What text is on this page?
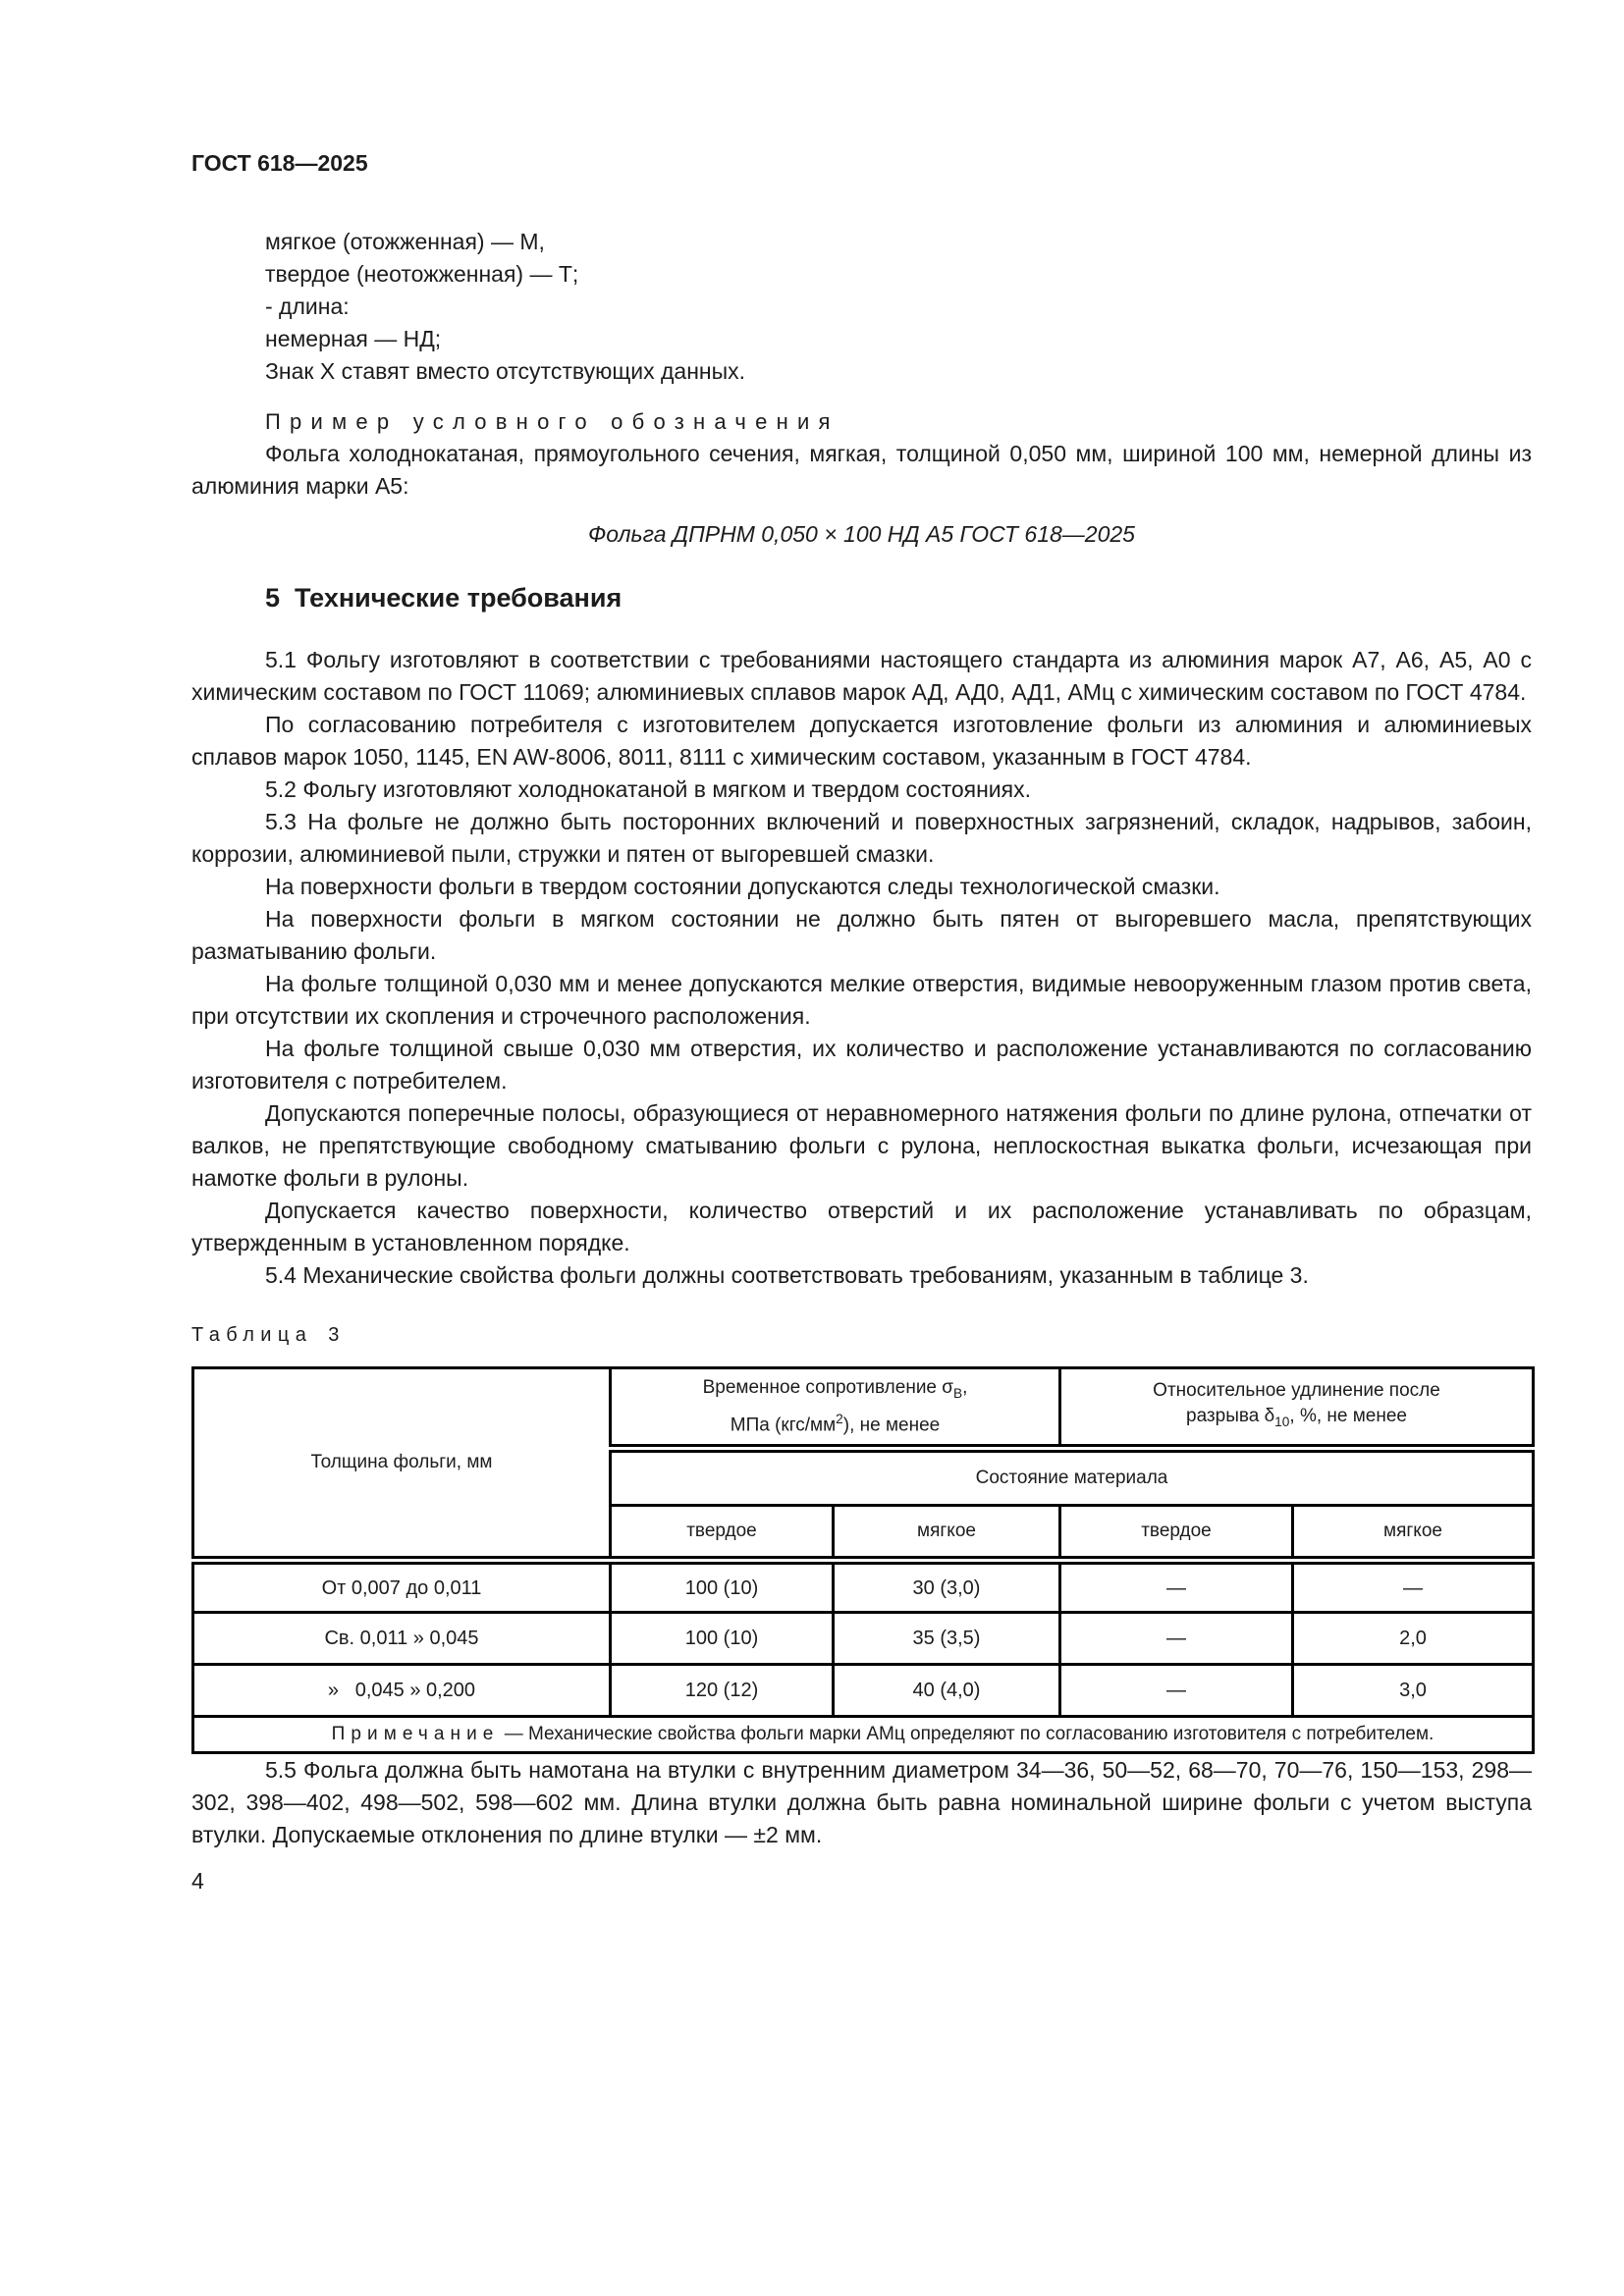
ГОСТ 618—2025
мягкое (отожженная) — М,
твердое (неотожженная) — Т;
- длина:
немерная — НД;
Знак X ставят вместо отсутствующих данных.
Пример условного обозначения

Фольга холоднокатаная, прямоугольного сечения, мягкая, толщиной 0,050 мм, шириной 100 мм, немерной длины из алюминия марки А5:

Фольга ДПРНМ 0,050 × 100 НД А5 ГОСТ 618—2025
5 Технические требования

5.1 Фольгу изготовляют в соответствии с требованиями настоящего стандарта из алюминия марок А7, А6, А5, А0 с химическим составом по ГОСТ 11069; алюминиевых сплавов марок АД, АД0, АД1, АМц с химическим составом по ГОСТ 4784.

По согласованию потребителя с изготовителем допускается изготовление фольги из алюминия и алюминиевых сплавов марок 1050, 1145, EN AW-8006, 8011, 8111 с химическим составом, указанным в ГОСТ 4784.

5.2 Фольгу изготовляют холоднокатаной в мягком и твердом состояниях.

5.3 На фольге не должно быть посторонних включений и поверхностных загрязнений, складок, надрывов, забоин, коррозии, алюминиевой пыли, стружки и пятен от выгоревшей смазки.

На поверхности фольги в твердом состоянии допускаются следы технологической смазки.

На поверхности фольги в мягком состоянии не должно быть пятен от выгоревшего масла, препятствующих разматыванию фольги.

На фольге толщиной 0,030 мм и менее допускаются мелкие отверстия, видимые невооруженным глазом против света, при отсутствии их скопления и строчечного расположения.

На фольге толщиной свыше 0,030 мм отверстия, их количество и расположение устанавливаются по согласованию изготовителя с потребителем.

Допускаются поперечные полосы, образующиеся от неравномерного натяжения фольги по длине рулона, отпечатки от валков, не препятствующие свободному сматыванию фольги с рулона, неплоскостная выкатка фольги, исчезающая при намотке фольги в рулоны.

Допускается качество поверхности, количество отверстий и их расположение устанавливать по образцам, утвержденным в установленном порядке.

5.4 Механические свойства фольги должны соответствовать требованиям, указанным в таблице 3.

Таблица 3
Толщина фольги, мм	Временное сопротивление $\sigma_В$,
МПа $(кгс/мм^2)$, не менее		Относительное удлинение после
разрыва $\delta_{10}$, %, не менее	
	Состояние материала			
	твердое	мягкое	твердое	мягкое
От 0,007 до 0,011	100 (10)	30 (3,0)	—	—
Св. 0,011 » 0,045	100 (10)	35 (3,5)	—	2,0
»   0,045 » 0,200	120 (12)	40 (4,0)	—	3,0
Примечание — Механические свойства фольги марки АМц определяют по согласованию изготовителя с потребителем.				

5.5 Фольга должна быть намотана на втулки с внутренним диаметром 34—36, 50—52, 68—70, 70—76, 150—153, 298—302, 398—402, 498—502, 598—602 мм. Длина втулки должна быть равна номинальной ширине фольги с учетом выступа втулки. Допускаемые отклонения по длине втулки — ±2 мм.

4
